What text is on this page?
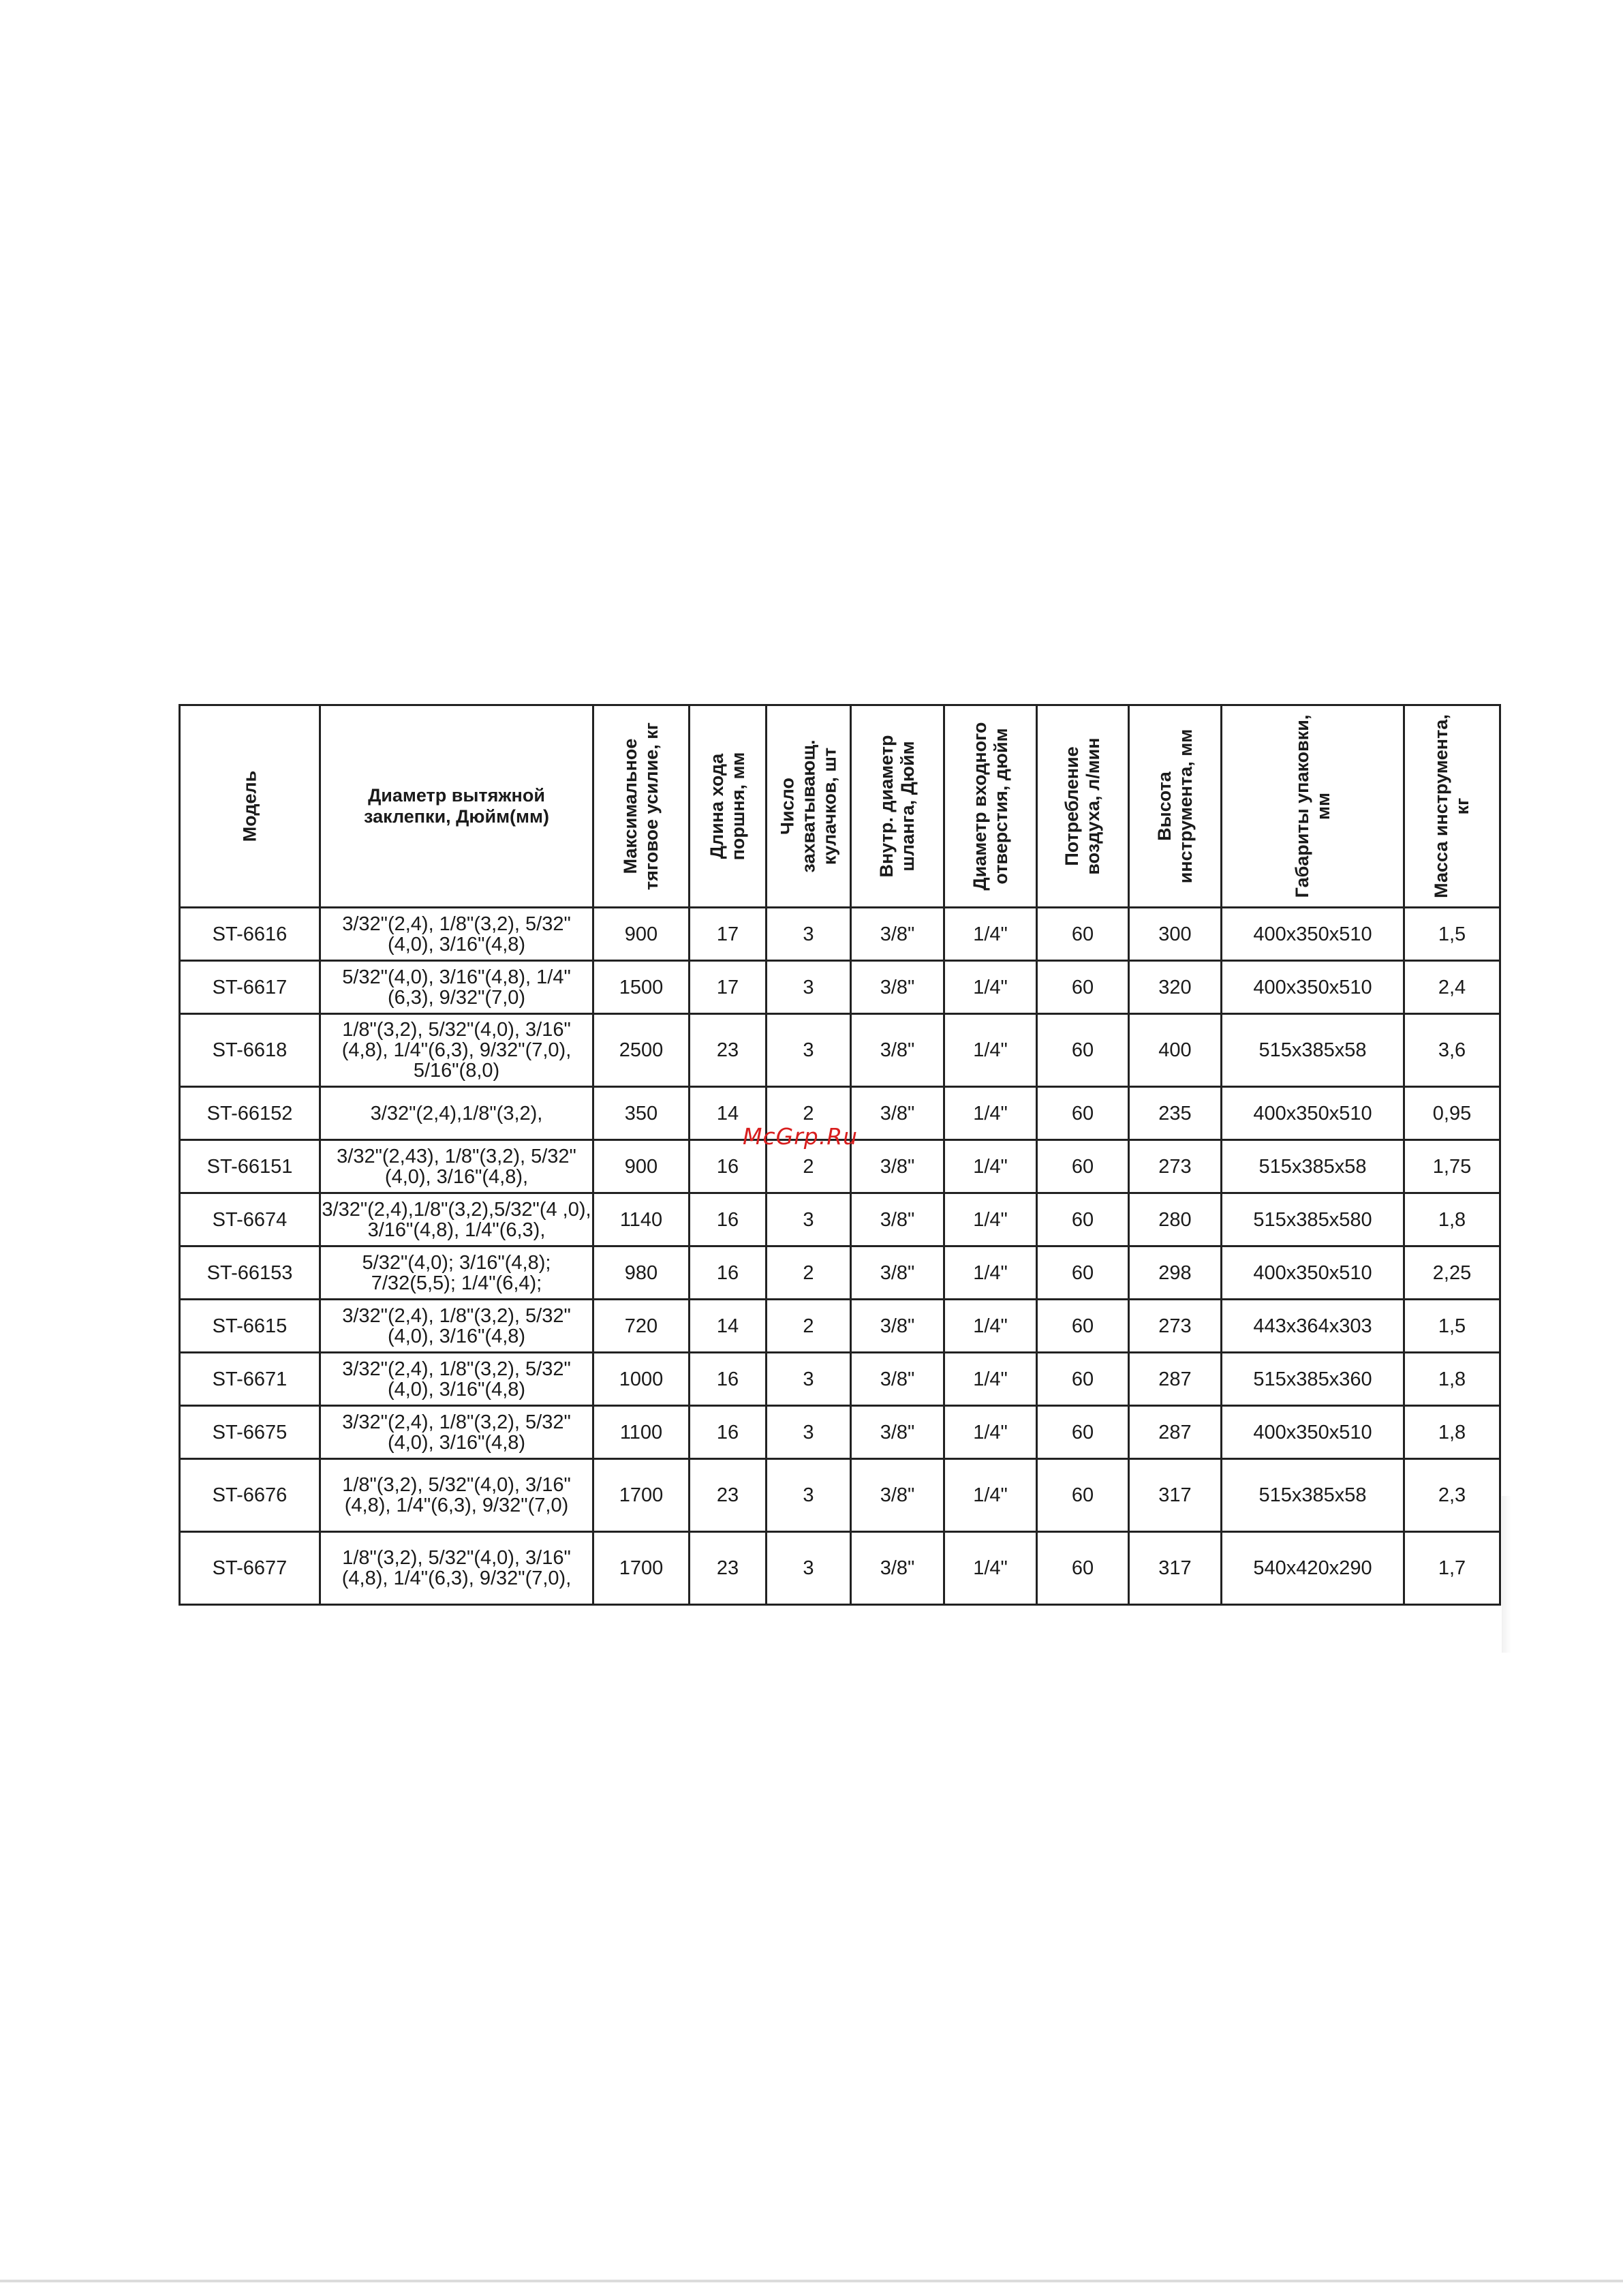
Модель	Диаметр вытяжной заклепки, Дюйм(мм)	Максимальное тяговое усилие, кг	Длина хода поршня, мм	Число захватывающ. кулачков, шт	Внутр. диаметр шланга, Дюйм	Диаметр входного отверстия, дюйм	Потребление воздуха, л/мин	Высота инструмента, мм	Габариты упаковки, мм	Масса инструмента, кг

ST-6616	3/32"(2,4), 1/8"(3,2), 5/32"(4,0), 3/16"(4,8)	900	17	3	3/8"	1/4"	60	300	400x350x510	1,5
ST-6617	5/32"(4,0), 3/16"(4,8), 1/4"(6,3), 9/32"(7,0)	1500	17	3	3/8"	1/4"	60	320	400x350x510	2,4
ST-6618	1/8"(3,2), 5/32"(4,0), 3/16"(4,8), 1/4"(6,3), 9/32"(7,0), 5/16"(8,0)	2500	23	3	3/8"	1/4"	60	400	515x385x58	3,6
ST-66152	3/32"(2,4),1/8"(3,2),	350	14	2	3/8"	1/4"	60	235	400x350x510	0,95
ST-66151	3/32"(2,43), 1/8"(3,2), 5/32"(4,0), 3/16"(4,8),	900	16	2	3/8"	1/4"	60	273	515x385x58	1,75
ST-6674	3/32"(2,4),1/8"(3,2),5/32"(4 ,0), 3/16"(4,8), 1/4"(6,3),	1140	16	3	3/8"	1/4"	60	280	515x385x580	1,8
ST-66153	5/32"(4,0); 3/16"(4,8); 7/32(5,5); 1/4"(6,4);	980	16	2	3/8"	1/4"	60	298	400x350x510	2,25
ST-6615	3/32"(2,4), 1/8"(3,2), 5/32"(4,0), 3/16"(4,8)	720	14	2	3/8"	1/4"	60	273	443x364x303	1,5
ST-6671	3/32"(2,4), 1/8"(3,2), 5/32"(4,0), 3/16"(4,8)	1000	16	3	3/8"	1/4"	60	287	515x385x360	1,8
ST-6675	3/32"(2,4), 1/8"(3,2), 5/32"(4,0), 3/16"(4,8)	1100	16	3	3/8"	1/4"	60	287	400x350x510	1,8
ST-6676	1/8"(3,2), 5/32"(4,0), 3/16"(4,8), 1/4"(6,3), 9/32"(7,0)	1700	23	3	3/8"	1/4"	60	317	515x385x58	2,3
ST-6677	1/8"(3,2), 5/32"(4,0), 3/16"(4,8), 1/4"(6,3), 9/32"(7,0),	1700	23	3	3/8"	1/4"	60	317	540x420x290	1,7
McGrp.Ru
